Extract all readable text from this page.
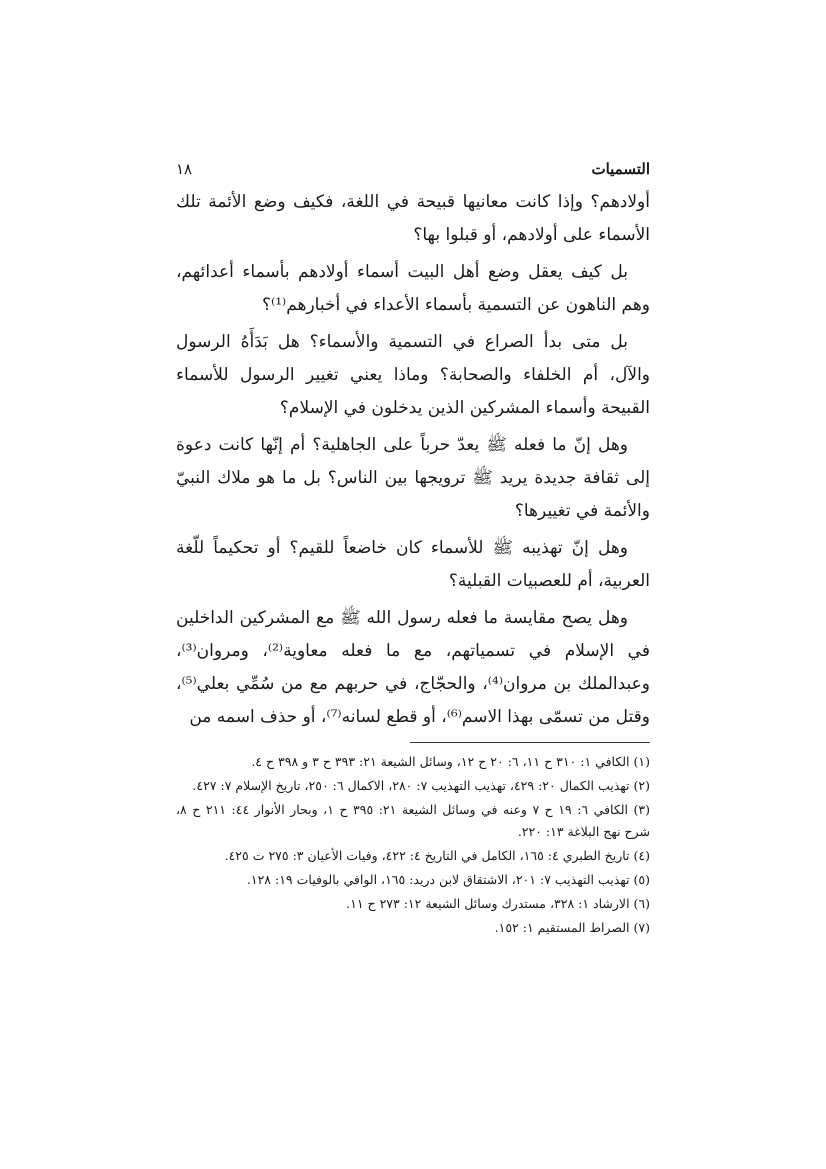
التسميات
١٨

أولادهم؟ وإذا كانت معانيها قبيحة في اللغة، فكيف وضع الأئمة تلك الأسماء على أولادهم، أو قبلوا بها؟

بل كيف يعقل وضع أهل البيت أسماء أولادهم بأسماء أعدائهم، وهم الناهون عن التسمية بأسماء الأعداء في أخبارهم⁽¹⁾؟

بل متى بدأ الصراع في التسمية والأسماء؟ هل بَدَأَهُ الرسول والآل، أم الخلفاء والصحابة؟ وماذا يعني تغيير الرسول للأسماء القبيحة وأسماء المشركين الذين يدخلون في الإسلام؟

وهل إنّ ما فعله ﷺ يعدّ حرباً على الجاهلية؟ أم إنّها كانت دعوة إلى ثقافة جديدة يريد ﷺ ترويجها بين الناس؟ بل ما هو ملاك النبيّ والأئمة في تغييرها؟

وهل إنّ تهذيبه ﷺ للأسماء كان خاضعاً للقيم؟ أو تحكيماً للّغة العربية، أم للعصبيات القبلية؟

وهل يصح مقايسة ما فعله رسول الله ﷺ مع المشركين الداخلين في الإسلام في تسمياتهم، مع ما فعله معاوية⁽²⁾، ومروان⁽³⁾، وعبدالملك بن مروان⁽⁴⁾، والحجّاج، في حربهم مع من سُمِّي بعلي⁽⁵⁾، وقتل من تسمّى بهذا الاسم⁽⁶⁾، أو قطع لسانه⁽⁷⁾، أو حذف اسمه من

(١) الكافي ١: ٣١٠ ح ١١، ٦: ٢٠ ح ١٢، وسائل الشيعة ٢١: ٣٩٣ ح ٣ و ٣٩٨ ح ٤.

(٢) تهذيب الكمال ٢٠: ٤٢٩، تهذيب التهذيب ٧: ٢٨٠، الاكمال ٦: ٢٥٠، تاريخ الإسلام ٧: ٤٢٧.

(٣) الكافي ٦: ١٩ ح ٧ وعنه في وسائل الشيعة ٢١: ٣٩٥ ح ١، وبحار الأنوار ٤٤: ٢١١ ح ٨، شرح نهج البلاغة ١٣: ٢٢٠.

(٤) تاريخ الطبري ٤: ١٦٥، الكامل في التاريخ ٤: ٤٢٢، وفيات الأعيان ٣: ٢٧٥ ت ٤٢٥.

(٥) تهذيب التهذيب ٧: ٢٠١، الاشتقاق لابن دريد: ١٦٥، الوافي بالوفيات ١٩: ١٢٨.

(٦) الارشاد ١: ٣٢٨، مستدرك وسائل الشيعة ١٢: ٢٧٣ ح ١١.

(٧) الصراط المستقيم ١: ١٥٢.
